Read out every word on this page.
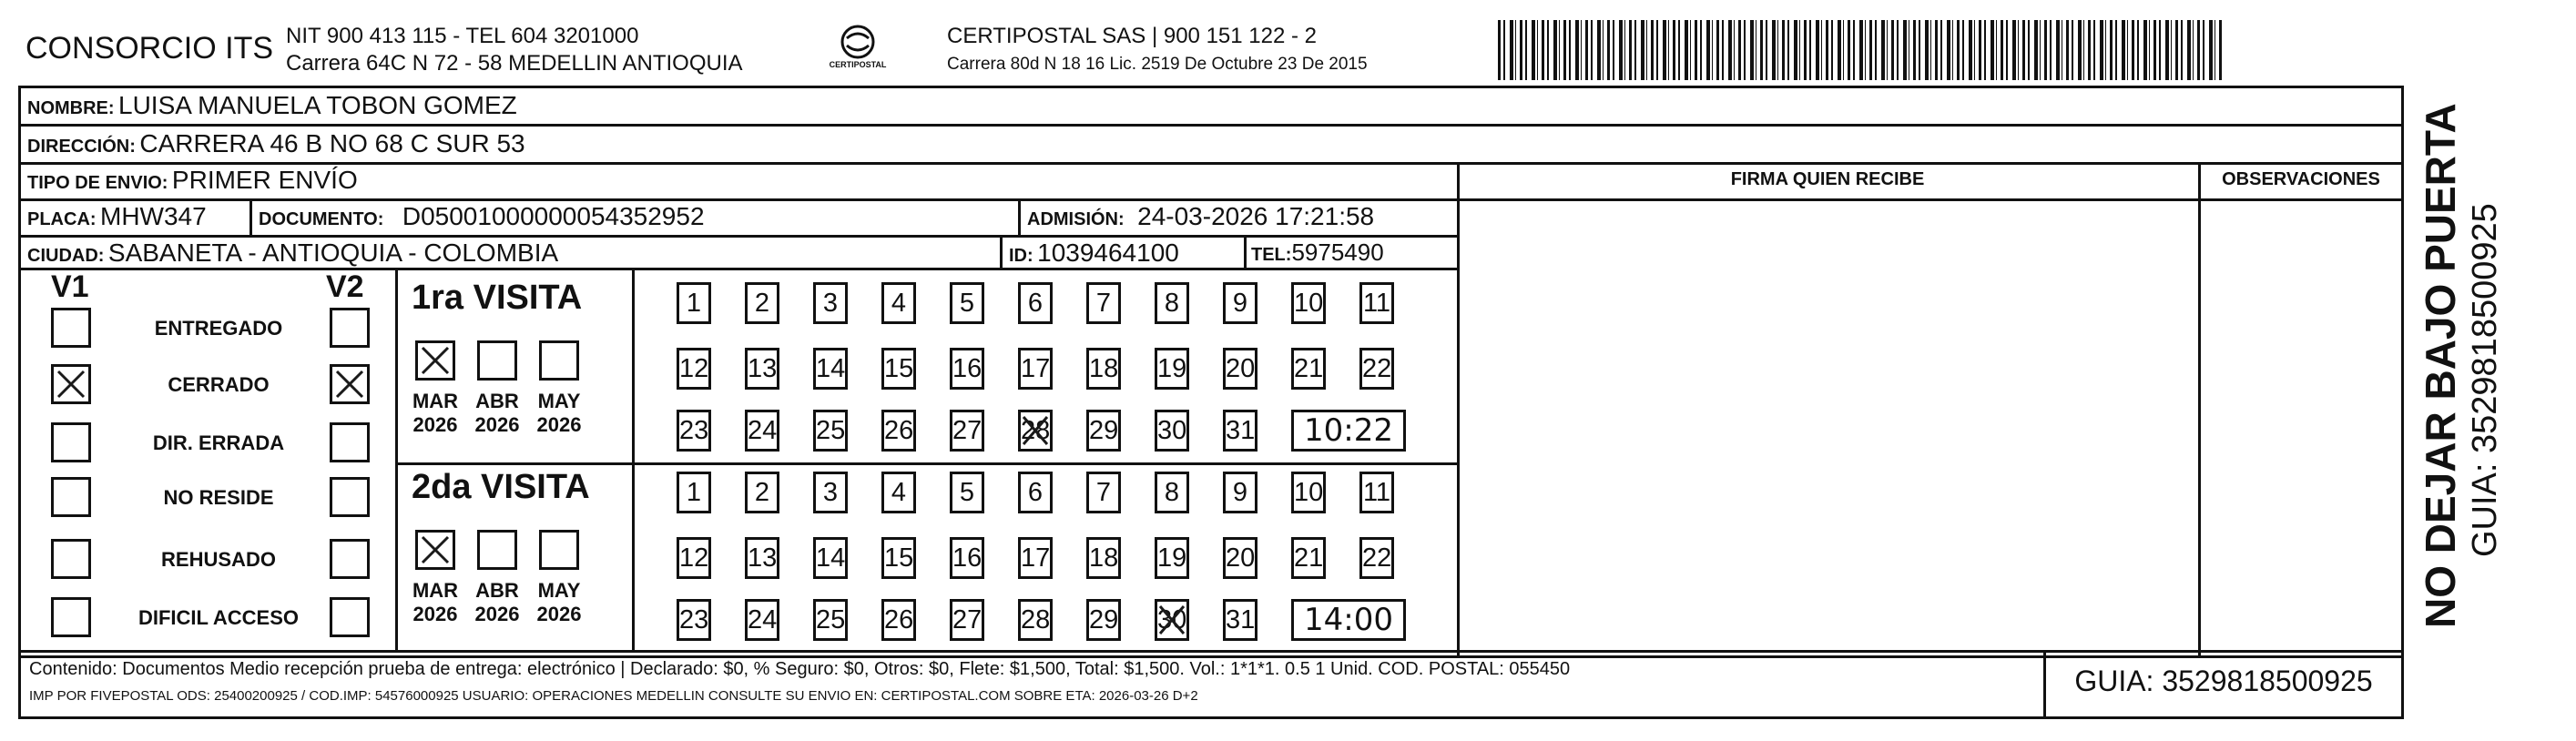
CONSORCIO ITS NIT 900 413 115 - TEL 604 3201000
Carrera 64C N 72 - 58 MEDELLIN ANTIOQUIA	CERTIPOSTAL
CERTIPOSTAL SAS | 900 151 122 - 2
Carrera 80d N 18 16 Lic. 2519 De Octubre 23 De 2015
NOMBRE: LUISA MANUELA TOBON GOMEZ
DIRECCIÓN: CARRERA 46 B NO 68 C SUR 53
TIPO DE ENVIO: PRIMER ENVÍO
PLACA: MHW347	DOCUMENTO: D05001000000054352952	ADMISIÓN: 24-03-2026 17:21:58
CIUDAD: SABANETA - ANTIOQUIA - COLOMBIA	ID: 1039464100	TEL:5975490
FIRMA QUIEN RECIBE	OBSERVACIONES
V1	V2
ENTREGADO
CERRADO
DIR. ERRADA
NO RESIDE
REHUSADO
DIFICIL ACCESO
1ra VISITA
2da VISITA
MAR
2026
ABR
2026
MAY
2026
1	2	3	4	5	6	7	8	9	10 11
12 13 14 15 16 17 18 19 20 21 22
23 24 25 26 27 28 29 30 31	10:22
MAR
2026
ABR
2026
MAY
2026
1	2	3	4	5	6	7	8	9	10 11
12 13 14 15 16 17 18 19 20 21 22
23 24 25 26 27 28 29 30 31	14:00
Contenido: Documentos Medio recepción prueba de entrega: electrónico | Declarado: $0, % Seguro: $0, Otros: $0, Flete: $1,500, Total: $1,500. Vol.: 1*1*1. 0.5 1 Unid. COD. POSTAL: 055450
IMP POR FIVEPOSTAL ODS: 25400200925 / COD.IMP: 54576000925 USUARIO: OPERACIONES MEDELLIN CONSULTE SU ENVIO EN: CERTIPOSTAL.COM SOBRE ETA: 2026-03-26 D+2	GUIA: 3529818500925
NO DEJAR BAJO PUERTA GUIA: 3529818500925
